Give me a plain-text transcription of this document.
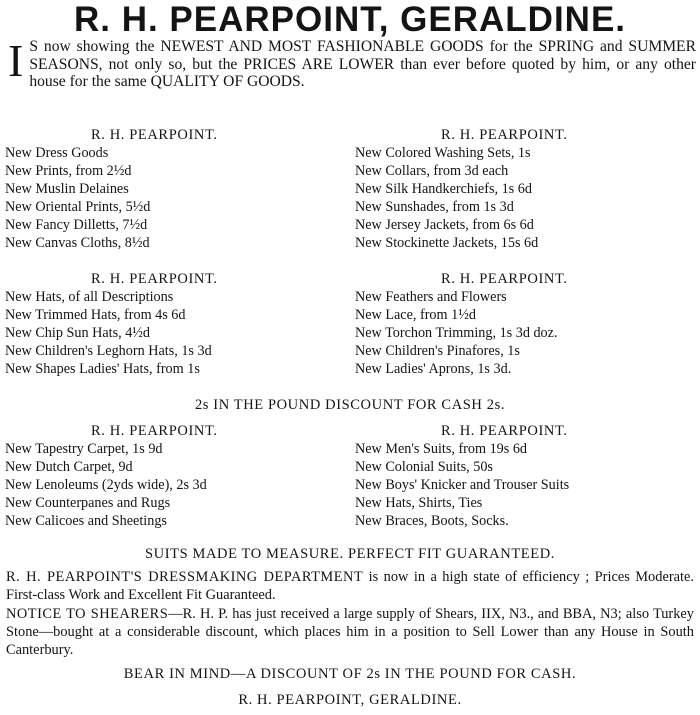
R. H. PEARPOINT, GERALDINE.
I S now showing the NEWEST AND MOST FASHIONABLE GOODS for the SPRING and SUMMER SEASONS, not only so, but the PRICES ARE LOWER than ever before quoted by him, or any other house for the same QUALITY OF GOODS.
R. H. PEARPOINT.
New Dress Goods
New Prints, from 2½d
New Muslin Delaines
New Oriental Prints, 5½d
New Fancy Dilletts, 7½d
New Canvas Cloths, 8½d
R. H. PEARPOINT.
New Colored Washing Sets, 1s
New Collars, from 3d each
New Silk Handkerchiefs, 1s 6d
New Sunshades, from 1s 3d
New Jersey Jackets, from 6s 6d
New Stockinette Jackets, 15s 6d
R. H. PEARPOINT.
New Hats, of all Descriptions
New Trimmed Hats, from 4s 6d
New Chip Sun Hats, 4½d
New Children's Leghorn Hats, 1s 3d
New Shapes Ladies' Hats, from 1s
R. H. PEARPOINT.
New Feathers and Flowers
New Lace, from 1½d
New Torchon Trimming, 1s 3d doz.
New Children's Pinafores, 1s
New Ladies' Aprons, 1s 3d.
2s IN THE POUND DISCOUNT FOR CASH 2s.
R. H. PEARPOINT.
New Tapestry Carpet, 1s 9d
New Dutch Carpet, 9d
New Lenoleums (2yds wide), 2s 3d
New Counterpanes and Rugs
New Calicoes and Sheetings
R. H. PEARPOINT.
New Men's Suits, from 19s 6d
New Colonial Suits, 50s
New Boys' Knicker and Trouser Suits
New Hats, Shirts, Ties
New Braces, Boots, Socks.
SUITS MADE TO MEASURE. PERFECT FIT GUARANTEED.
R. H. PEARPOINT'S DRESSMAKING DEPARTMENT is now in a high state of efficiency ; Prices Moderate. First-class Work and Excellent Fit Guaranteed.
NOTICE TO SHEARERS—R. H. P. has just received a large supply of Shears, IIX, N3., and BBA, N3; also Turkey Stone—bought at a considerable discount, which places him in a position to Sell Lower than any House in South Canterbury.
BEAR IN MIND—A DISCOUNT OF 2s IN THE POUND FOR CASH.
R. H. PEARPOINT, GERALDINE.
